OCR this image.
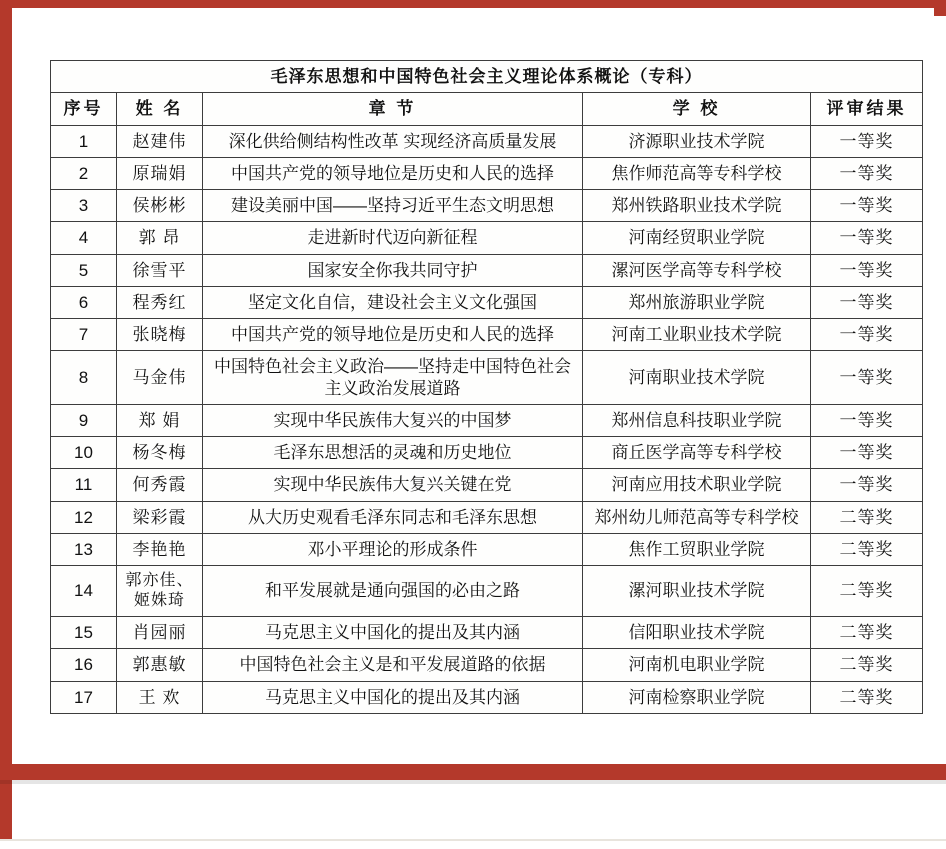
毛泽东思想和中国特色社会主义理论体系概论（专科）				
序号	姓 名	章 节	学 校	评审结果
1	赵建伟	深化供给侧结构性改革 实现经济高质量发展	济源职业技术学院	一等奖
2	原瑞娟	中国共产党的领导地位是历史和人民的选择	焦作师范高等专科学校	一等奖
3	侯彬彬	建设美丽中国——坚持习近平生态文明思想	郑州铁路职业技术学院	一等奖
4	郭 昂	走进新时代迈向新征程	河南经贸职业学院	一等奖
5	徐雪平	国家安全你我共同守护	漯河医学高等专科学校	一等奖
6	程秀红	坚定文化自信，建设社会主义文化强国	郑州旅游职业学院	一等奖
7	张晓梅	中国共产党的领导地位是历史和人民的选择	河南工业职业技术学院	一等奖
8	马金伟	中国特色社会主义政治——坚持走中国特色社会主义政治发展道路	河南职业技术学院	一等奖
9	郑 娟	实现中华民族伟大复兴的中国梦	郑州信息科技职业学院	一等奖
10	杨冬梅	毛泽东思想活的灵魂和历史地位	商丘医学高等专科学校	一等奖
11	何秀霞	实现中华民族伟大复兴关键在党	河南应用技术职业学院	一等奖
12	梁彩霞	从大历史观看毛泽东同志和毛泽东思想	郑州幼儿师范高等专科学校	二等奖
13	李艳艳	邓小平理论的形成条件	焦作工贸职业学院	二等奖
14	郭亦佳、姬姝琦	和平发展就是通向强国的必由之路	漯河职业技术学院	二等奖
15	肖园丽	马克思主义中国化的提出及其内涵	信阳职业技术学院	二等奖
16	郭惠敏	中国特色社会主义是和平发展道路的依据	河南机电职业学院	二等奖
17	王 欢	马克思主义中国化的提出及其内涵	河南检察职业学院	二等奖
